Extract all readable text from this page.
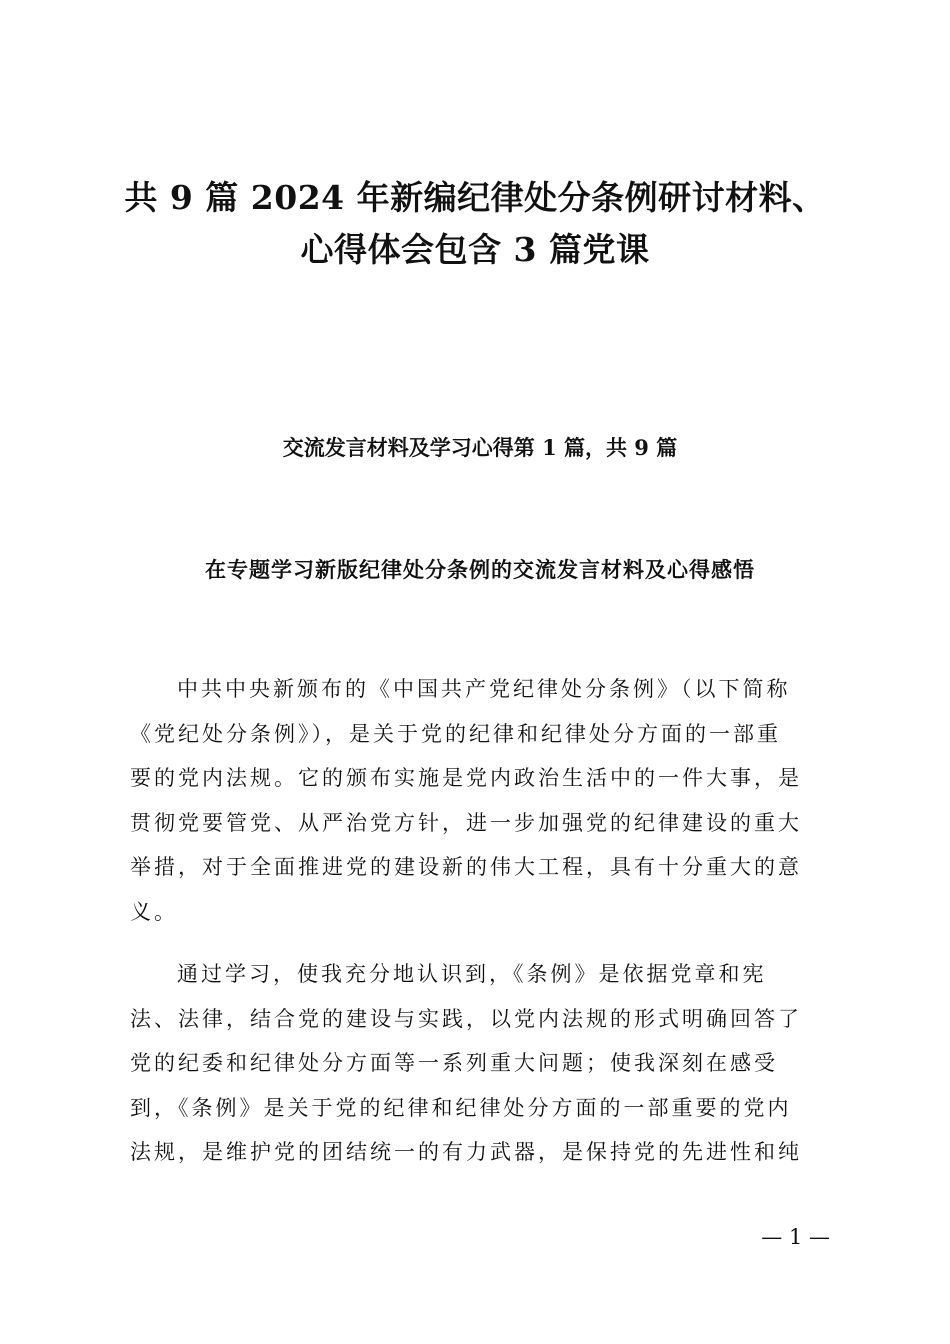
共 9 篇 2024 年新编纪律处分条例研讨材料、
心得体会包含 3 篇党课
交流发言材料及学习心得第 1 篇，共 9 篇
在专题学习新版纪律处分条例的交流发言材料及心得感悟
中共中央新颁布的《中国共产党纪律处分条例》（以下简称
《党纪处分条例》），是关于党的纪律和纪律处分方面的一部重
要的党内法规。它的颁布实施是党内政治生活中的一件大事，是
贯彻党要管党、从严治党方针，进一步加强党的纪律建设的重大
举措，对于全面推进党的建设新的伟大工程，具有十分重大的意
义。
通过学习，使我充分地认识到，《条例》是依据党章和宪
法、法律，结合党的建设与实践，以党内法规的形式明确回答了
党的纪委和纪律处分方面等一系列重大问题；使我深刻在感受
到，《条例》是关于党的纪律和纪律处分方面的一部重要的党内
法规，是维护党的团结统一的有力武器，是保持党的先进性和纯
— 1 —
